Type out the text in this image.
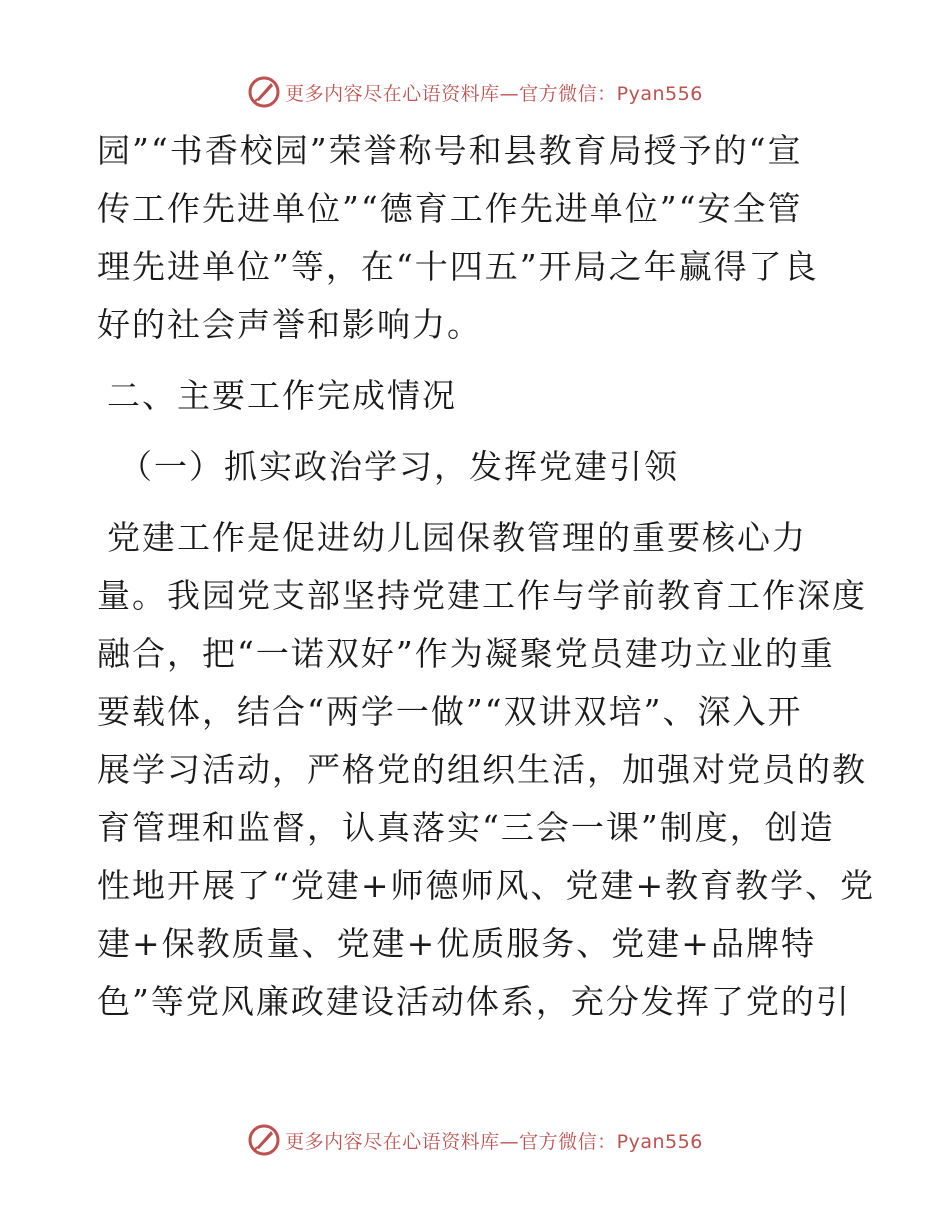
更多内容尽在心语资料库—官方微信：Pyan556
园”“书香校园”荣誉称号和县教育局授予的“宣
传工作先进单位”“德育工作先进单位”“安全管
理先进单位”等，在“十四五”开局之年赢得了良
好的社会声誉和影响力。
二、主要工作完成情况
（一）抓实政治学习，发挥党建引领
党建工作是促进幼儿园保教管理的重要核心力
量。我园党支部坚持党建工作与学前教育工作深度
融合，把“一诺双好”作为凝聚党员建功立业的重
要载体，结合“两学一做”“双讲双培”、深入开
展学习活动，严格党的组织生活，加强对党员的教
育管理和监督，认真落实“三会一课”制度，创造
性地开展了“党建+师德师风、党建+教育教学、党
建+保教质量、党建+优质服务、党建+品牌特
色”等党风廉政建设活动体系，充分发挥了党的引
更多内容尽在心语资料库—官方微信：Pyan556
